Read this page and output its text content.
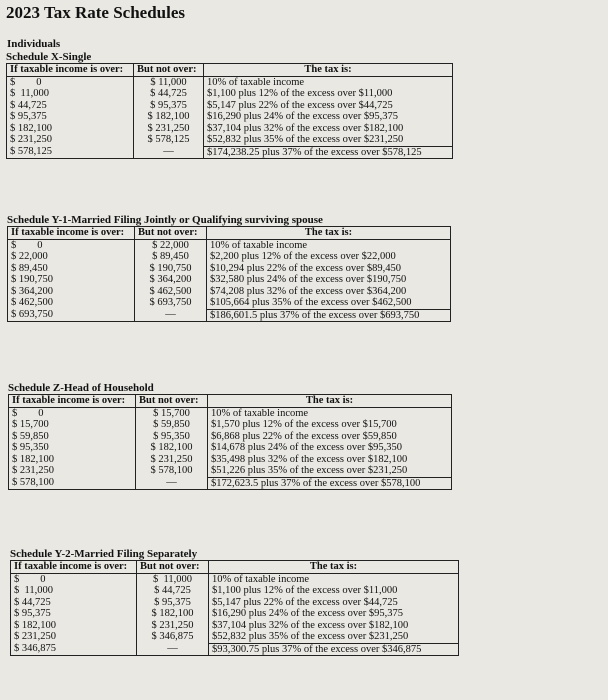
2023 Tax Rate Schedules
Individuals
Schedule X-Single
If taxable income is over:	But not over:	The tax is:
$        0	$ 11,000	10% of taxable income
$  11,000	$ 44,725	$1,100 plus 12% of the excess over $11,000
$ 44,725	$ 95,375	$5,147 plus 22% of the excess over $44,725
$ 95,375	$ 182,100	$16,290 plus 24% of the excess over $95,375
$ 182,100	$ 231,250	$37,104 plus 32% of the excess over $182,100
$ 231,250	$ 578,125	$52,832 plus 35% of the excess over $231,250
$ 578,125	—	$174,238.25 plus 37% of the excess over $578,125
Schedule Y-1-Married Filing Jointly or Qualifying surviving spouse
If taxable income is over:	But not over:	The tax is:
$        0	$ 22,000	10% of taxable income
$ 22,000	$ 89,450	$2,200 plus 12% of the excess over $22,000
$ 89,450	$ 190,750	$10,294 plus 22% of the excess over $89,450
$ 190,750	$ 364,200	$32,580 plus 24% of the excess over $190,750
$ 364,200	$ 462,500	$74,208 plus 32% of the excess over $364,200
$ 462,500	$ 693,750	$105,664 plus 35% of the excess over $462,500
$ 693,750	—	$186,601.5 plus 37% of the excess over $693,750
Schedule Z-Head of Household
If taxable income is over:	But not over:	The tax is:
$        0	$ 15,700	10% of taxable income
$ 15,700	$ 59,850	$1,570 plus 12% of the excess over $15,700
$ 59,850	$ 95,350	$6,868 plus 22% of the excess over $59,850
$ 95,350	$ 182,100	$14,678 plus 24% of the excess over $95,350
$ 182,100	$ 231,250	$35,498 plus 32% of the excess over $182,100
$ 231,250	$ 578,100	$51,226 plus 35% of the excess over $231,250
$ 578,100	—	$172,623.5 plus 37% of the excess over $578,100
Schedule Y-2-Married Filing Separately
If taxable income is over:	But not over:	The tax is:
$        0	$  11,000	10% of taxable income
$  11,000	$ 44,725	$1,100 plus 12% of the excess over $11,000
$ 44,725	$ 95,375	$5,147 plus 22% of the excess over $44,725
$ 95,375	$ 182,100	$16,290 plus 24% of the excess over $95,375
$ 182,100	$ 231,250	$37,104 plus 32% of the excess over $182,100
$ 231,250	$ 346,875	$52,832 plus 35% of the excess over $231,250
$ 346,875	—	$93,300.75 plus 37% of the excess over $346,875
